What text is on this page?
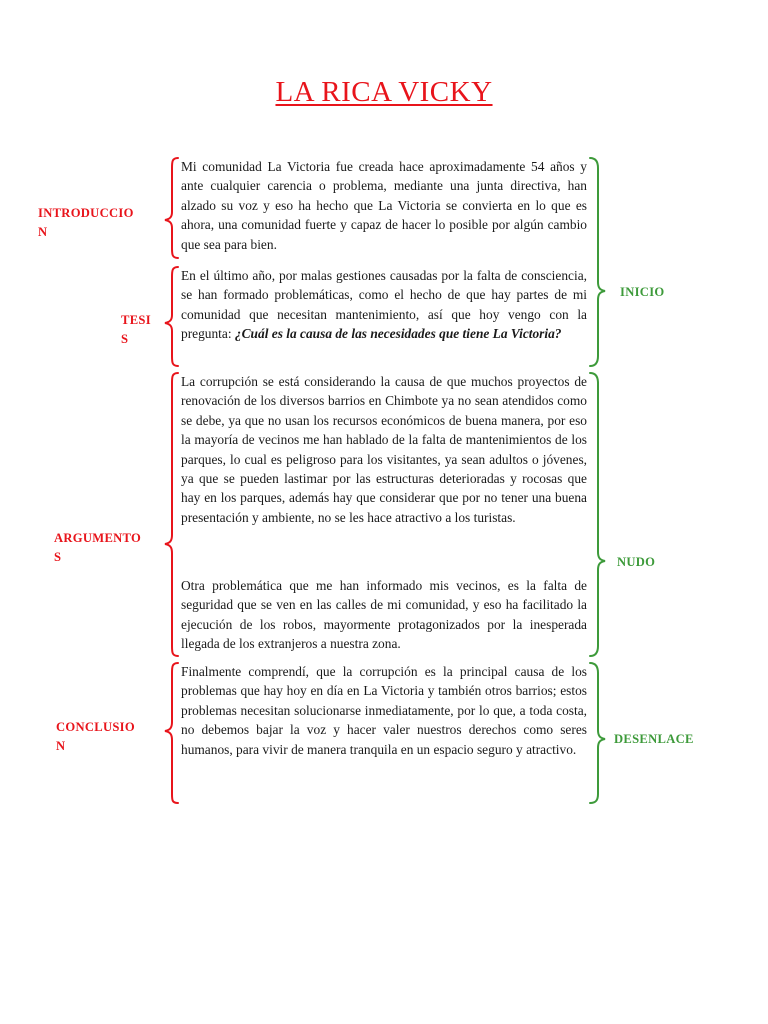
LA RICA VICKY

Mi comunidad La Victoria fue creada hace aproximadamente 54 años y ante cualquier carencia o problema, mediante una junta directiva, han alzado su voz y eso ha hecho que La Victoria se convierta en lo que es ahora, una comunidad fuerte y capaz de hacer lo posible por algún cambio que sea para bien.

En el último año, por malas gestiones causadas por la falta de consciencia, se han formado problemáticas, como el hecho de que hay partes de mi comunidad que necesitan mantenimiento, así que hoy vengo con la pregunta: ¿Cuál es la causa de las necesidades que tiene La Victoria?

La corrupción se está considerando la causa de que muchos proyectos de renovación de los diversos barrios en Chimbote ya no sean atendidos como se debe, ya que no usan los recursos económicos de buena manera, por eso la mayoría de vecinos me han hablado de la falta de mantenimientos de los parques, lo cual es peligroso para los visitantes, ya sean adultos o jóvenes, ya que se pueden lastimar por las estructuras deterioradas y rocosas que hay en los parques, además hay que considerar que por no tener una buena presentación y ambiente, no se les hace atractivo a los turistas.

Otra problemática que me han informado mis vecinos, es la falta de seguridad que se ven en las calles de mi comunidad, y eso ha facilitado la ejecución de los robos, mayormente protagonizados por la inesperada llegada de los extranjeros a nuestra zona.

Finalmente comprendí, que la corrupción es la principal causa de los problemas que hay hoy en día en La Victoria y también otros barrios; estos problemas necesitan solucionarse inmediatamente, por lo que, a toda costa, no debemos bajar la voz y hacer valer nuestros derechos como seres humanos, para vivir de manera tranquila en un espacio seguro y atractivo.

INTRODUCCIO
N
TESI
S
ARGUMENTO
S
CONCLUSIO
N
INICIO
NUDO
DESENLACE
